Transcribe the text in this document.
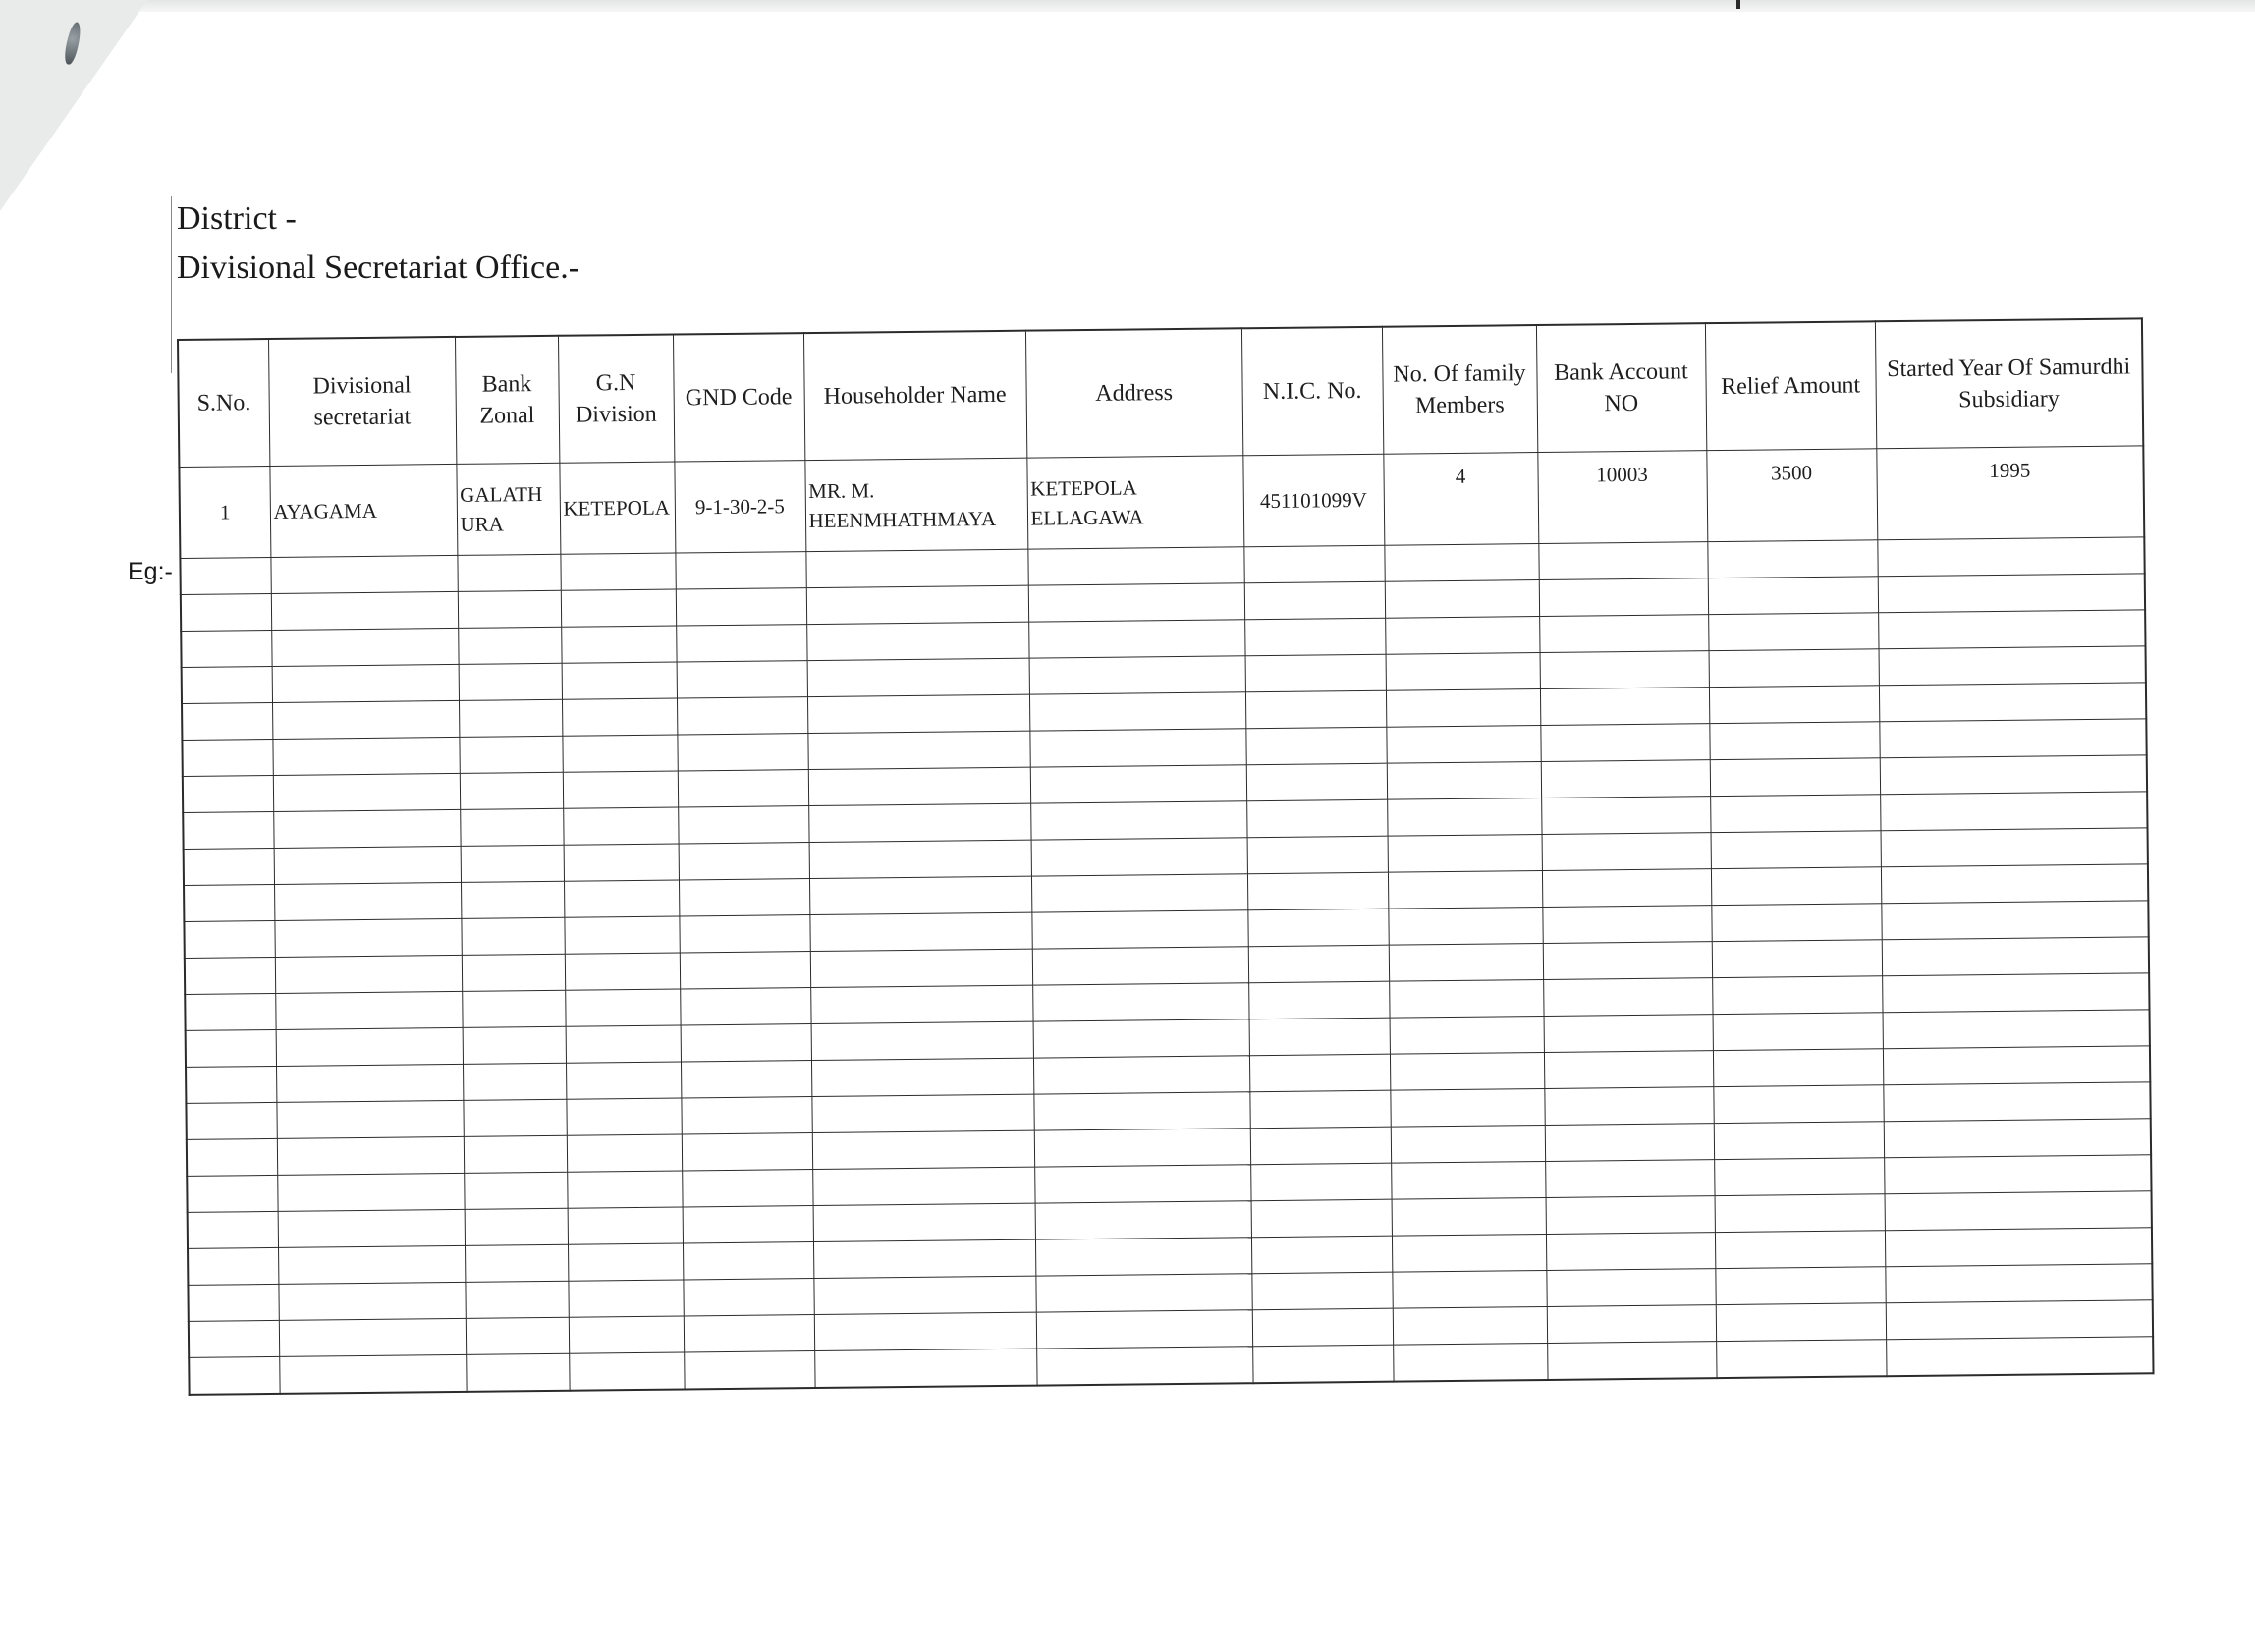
District -
Divisional Secretariat Office.-
Eg:-
S.No.	Divisional secretariat	Bank Zonal	G.N Division	GND Code	Householder Name	Address	N.I.C. No.	No. Of family Members	Bank Account NO	Relief Amount	Started Year Of Samurdhi Subsidiary
1	AYAGAMA	GALATHURA	KETEPOLA	9-1-30-2-5	MR. M. HEENMHATHMAYA	KETEPOLA ELLAGAWA	451101099V	4	10003	3500	1995
